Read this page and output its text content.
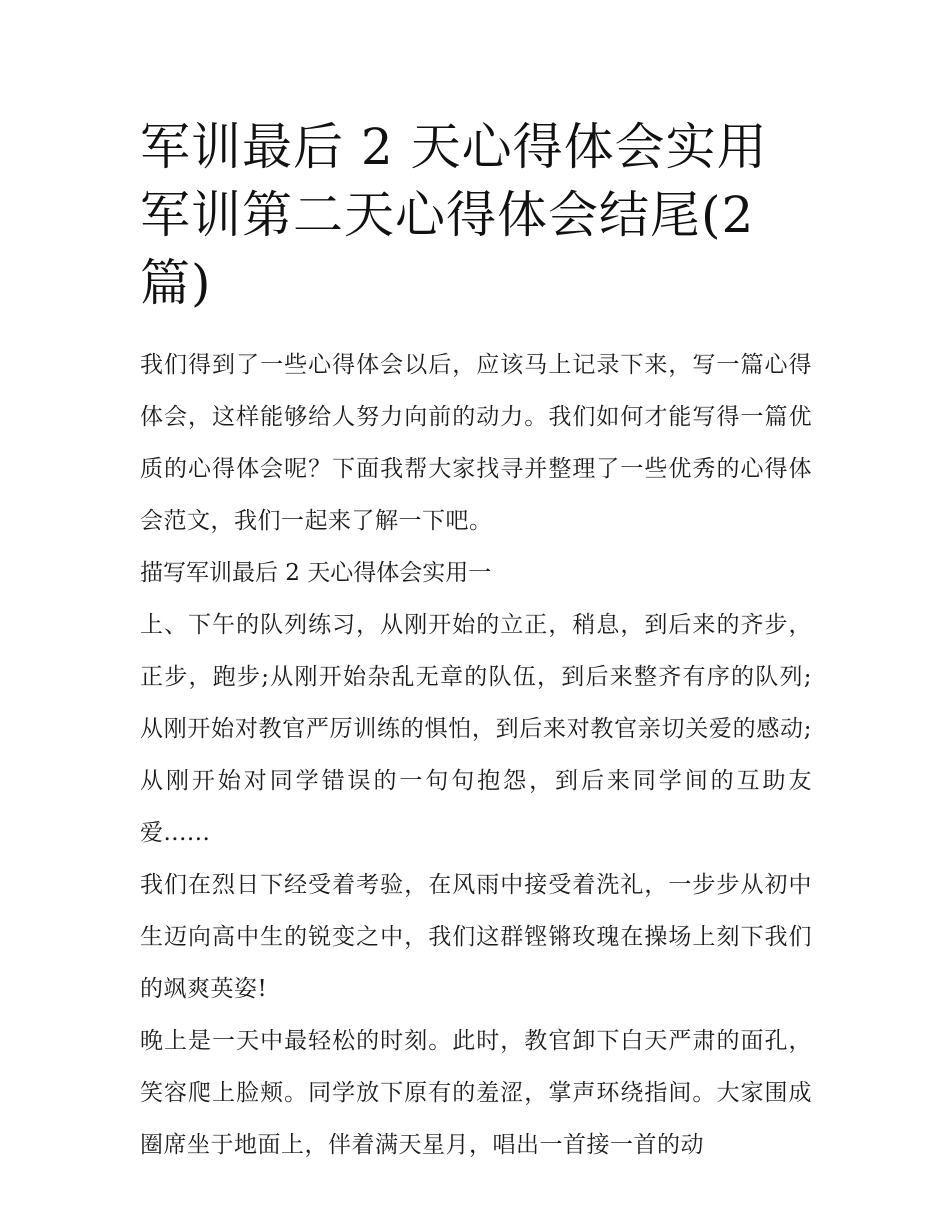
军训最后 2 天心得体会实用 军训第二天心得体会结尾(2 篇)

我们得到了一些心得体会以后，应该马上记录下来，写一篇心得体会，这样能够给人努力向前的动力。我们如何才能写得一篇优质的心得体会呢？下面我帮大家找寻并整理了一些优秀的心得体会范文，我们一起来了解一下吧。

描写军训最后 2 天心得体会实用一

上、下午的队列练习，从刚开始的立正，稍息，到后来的齐步，正步，跑步;从刚开始杂乱无章的队伍，到后来整齐有序的队列;从刚开始对教官严厉训练的惧怕，到后来对教官亲切关爱的感动;从刚开始对同学错误的一句句抱怨，到后来同学间的互助友爱......

我们在烈日下经受着考验，在风雨中接受着洗礼，一步步从初中生迈向高中生的锐变之中，我们这群铿锵玫瑰在操场上刻下我们的飒爽英姿!

晚上是一天中最轻松的时刻。此时，教官卸下白天严肃的面孔，笑容爬上脸颊。同学放下原有的羞涩，掌声环绕指间。大家围成圈席坐于地面上，伴着满天星月，唱出一首接一首的动
